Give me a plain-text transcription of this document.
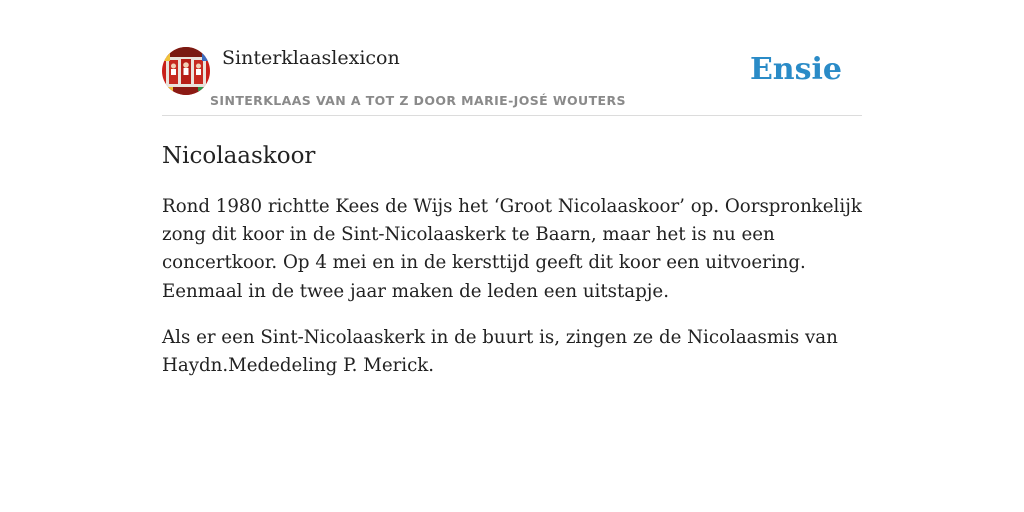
Sinterklaaslexicon
SINTERKLAAS VAN A TOT Z DOOR MARIE-JOSÉ WOUTERS
Ensie
Nicolaaskoor

Rond 1980 richtte Kees de Wijs het ‘Groot Nicolaaskoor’ op. Oorspronkelijk zong dit koor in de Sint-Nicolaaskerk te Baarn, maar het is nu een concertkoor. Op 4 mei en in de kersttijd geeft dit koor een uitvoering. Eenmaal in de twee jaar maken de leden een uitstapje.

Als er een Sint-Nicolaaskerk in de buurt is, zingen ze de Nicolaasmis van Haydn.Mededeling P. Merick.
